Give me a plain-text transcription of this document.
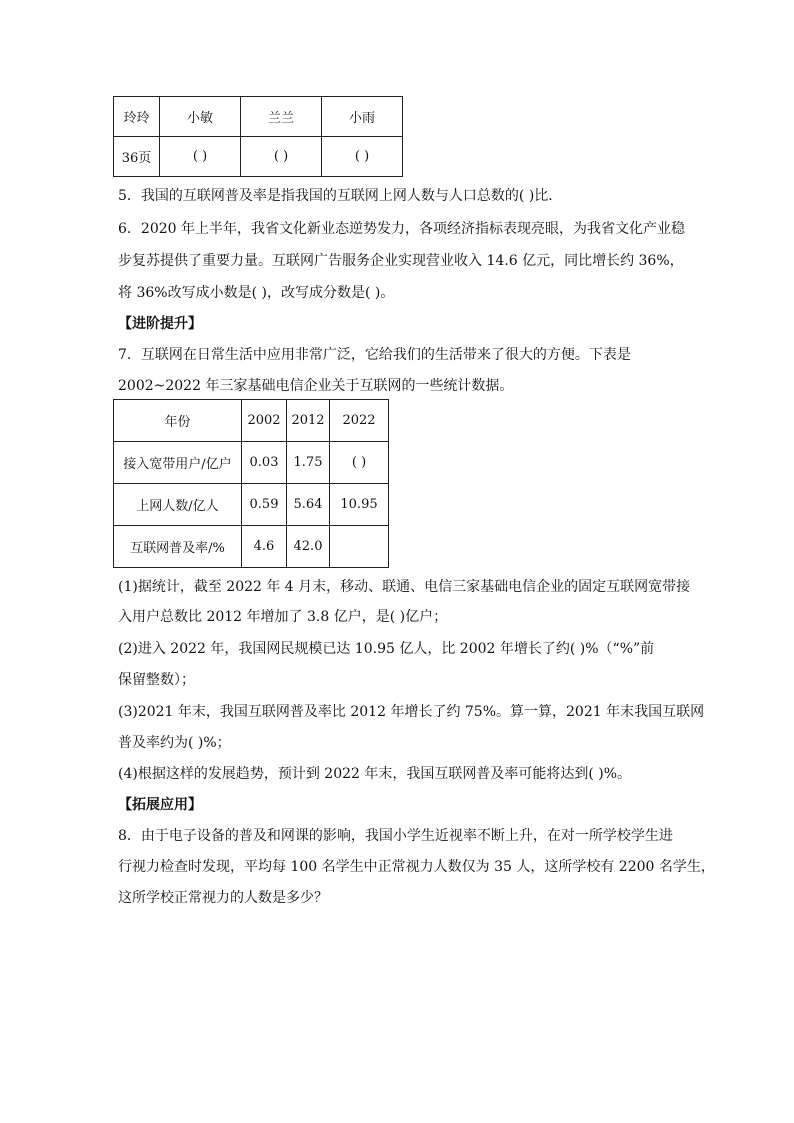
玲玲	小敏	兰兰	小雨
36页	( )	( )	( )
5．我国的互联网普及率是指我国的互联网上网人数与人口总数的( )比．
6．2020 年上半年，我省文化新业态逆势发力，各项经济指标表现亮眼，为我省文化产业稳
步复苏提供了重要力量。互联网广告服务企业实现营业收入 14.6 亿元，同比增长约 36%，
将 36%改写成小数是( )，改写成分数是( )。
【进阶提升】
7．互联网在日常生活中应用非常广泛，它给我们的生活带来了很大的方便。下表是
2002~2022 年三家基础电信企业关于互联网的一些统计数据。
年份	2002	2012	2022
接入宽带用户/亿户	0.03	1.75	( )
上网人数/亿人	0.59	5.64	10.95
互联网普及率/%	4.6	42.0	
(1)据统计，截至 2022 年 4 月末，移动、联通、电信三家基础电信企业的固定互联网宽带接
入用户总数比 2012 年增加了 3.8 亿户，是( )亿户；
(2)进入 2022 年，我国网民规模已达 10.95 亿人，比 2002 年增长了约( )%（“%”前
保留整数）；
(3)2021 年末，我国互联网普及率比 2012 年增长了约 75%。算一算，2021 年末我国互联网
普及率约为( )%；
(4)根据这样的发展趋势，预计到 2022 年末，我国互联网普及率可能将达到( )%。
【拓展应用】
8．由于电子设备的普及和网课的影响，我国小学生近视率不断上升，在对一所学校学生进
行视力检查时发现，平均每 100 名学生中正常视力人数仅为 35 人，这所学校有 2200 名学生，
这所学校正常视力的人数是多少？
